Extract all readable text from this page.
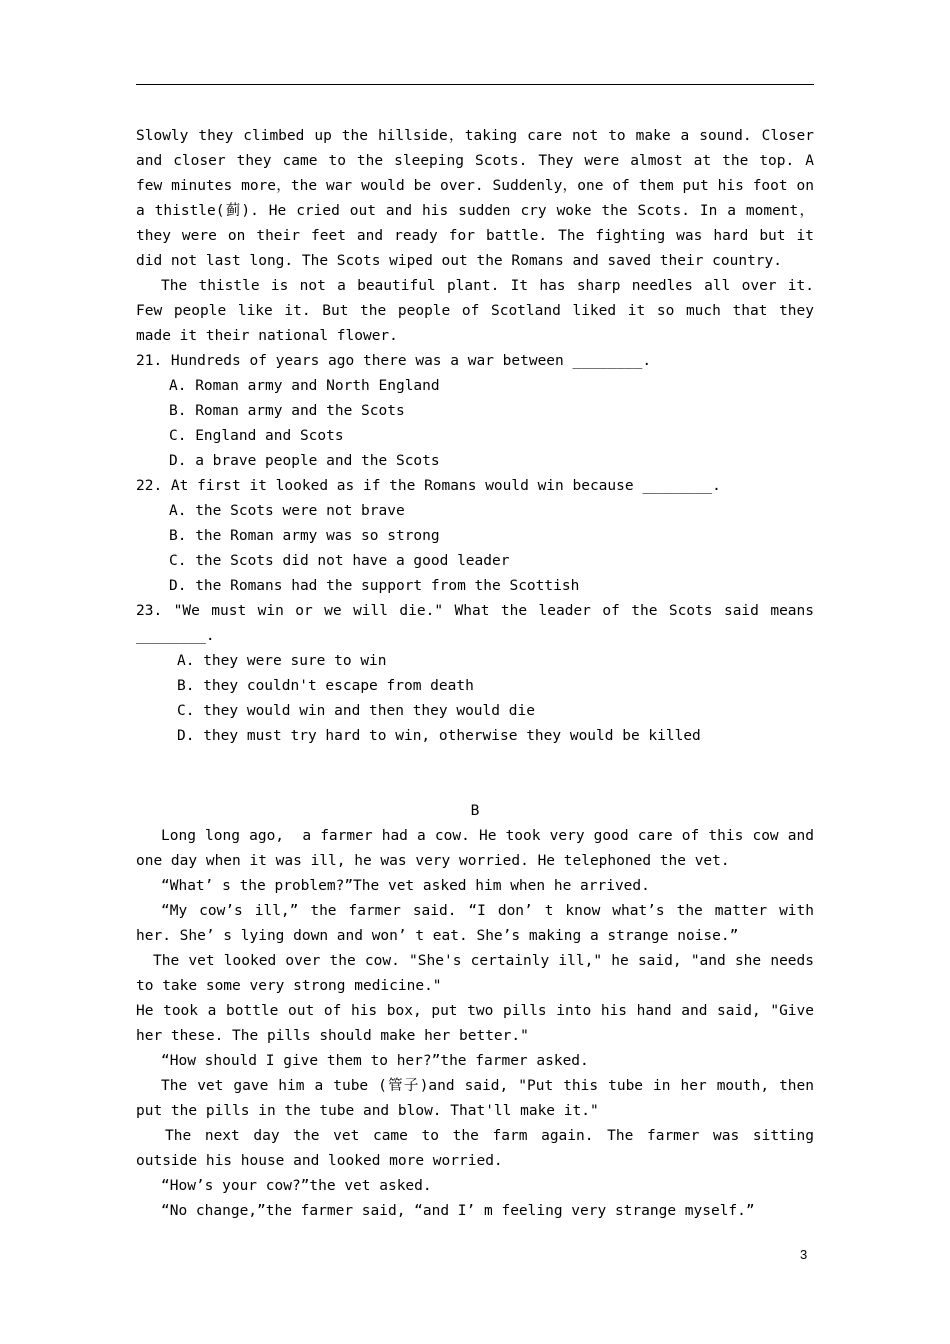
Slowly they climbed up the hillside，taking care not to make a sound. Closer and closer they came to the sleeping Scots. They were almost at the top. A few minutes more，the war would be over. Suddenly，one of them put his foot on a thistle(蓟). He cried out and his sudden cry woke the Scots. In a moment，they were on their feet and ready for battle. The fighting was hard but it did not last long. The Scots wiped out the Romans and saved their country.

The thistle is not a beautiful plant. It has sharp needles all over it. Few people like it. But the people of Scotland liked it so much that they made it their national flower.

21. Hundreds of years ago there was a war between ________.

A. Roman army and North England

B. Roman army and the Scots

C. England and Scots

D. a brave people and the Scots

22. At first it looked as if the Romans would win because ________.

A. the Scots were not brave

B. the Roman army was so strong

C. the Scots did not have a good leader

D. the Romans had the support from the Scottish

23. "We must win or we will die." What the leader of the Scots said means ________.

A. they were sure to win

B. they couldn't escape from death

C. they would win and then they would die

D. they must try hard to win, otherwise they would be killed

B

Long long ago,  a farmer had a cow. He took very good care of this cow and one day when it was ill, he was very worried. He telephoned the vet.

“What’ s the problem?”The vet asked him when he arrived.

“My cow’s ill,” the farmer said. “I don’ t know what’s the matter with her. She’ s lying down and won’ t eat. She’s making a strange noise.”

The vet looked over the cow. "She's certainly ill," he said, "and she needs to take some very strong medicine."

He took a bottle out of his box, put two pills into his hand and said, "Give her these. The pills should make her better."

“How should I give them to her?”the farmer asked.

The vet gave him a tube (管子)and said, "Put this tube in her mouth, then put the pills in the tube and blow. That'll make it."

The next day the vet came to the farm again. The farmer was sitting outside his house and looked more worried.

“How’s your cow?”the vet asked.

“No change,”the farmer said, “and I’ m feeling very strange myself.”

3
